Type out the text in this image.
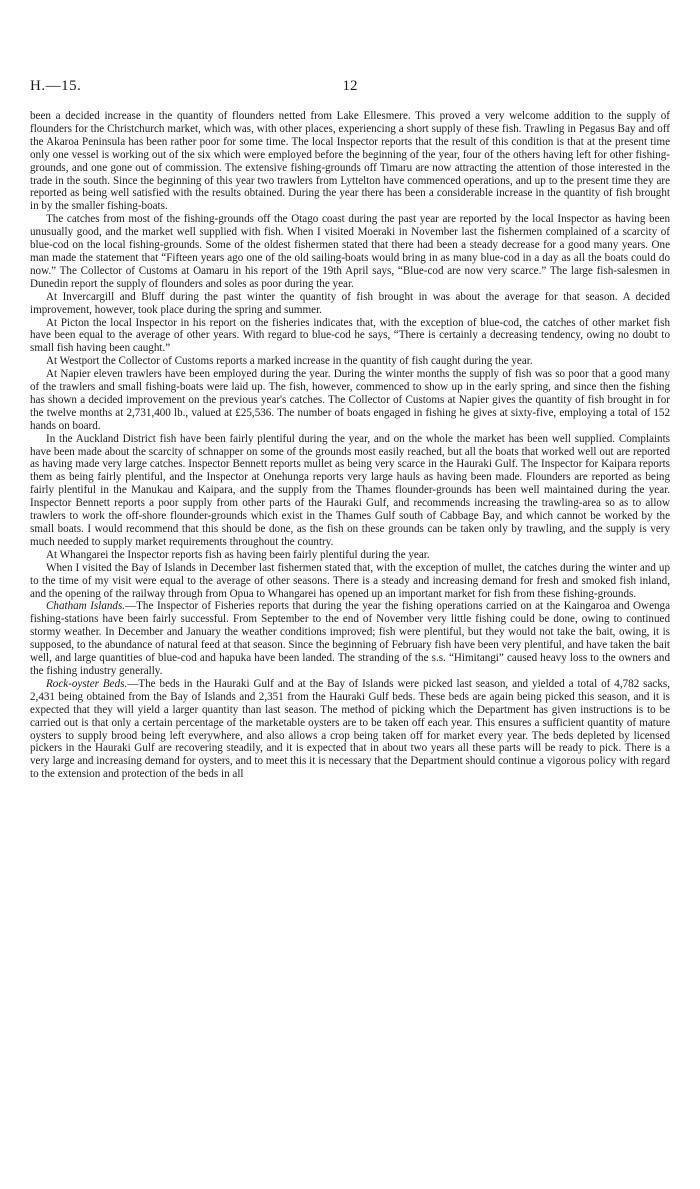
H.—15.	12

been a decided increase in the quantity of flounders netted from Lake Ellesmere. This proved a very welcome addition to the supply of flounders for the Christchurch market, which was, with other places, experiencing a short supply of these fish. Trawling in Pegasus Bay and off the Akaroa Peninsula has been rather poor for some time. The local Inspector reports that the result of this condition is that at the present time only one vessel is working out of the six which were employed before the beginning of the year, four of the others having left for other fishing-grounds, and one gone out of commission. The extensive fishing-grounds off Timaru are now attracting the attention of those interested in the trade in the south. Since the beginning of this year two trawlers from Lyttelton have commenced operations, and up to the present time they are reported as being well satisfied with the results obtained. During the year there has been a considerable increase in the quantity of fish brought in by the smaller fishing-boats.

The catches from most of the fishing-grounds off the Otago coast during the past year are reported by the local Inspector as having been unusually good, and the market well supplied with fish. When I visited Moeraki in November last the fishermen complained of a scarcity of blue-cod on the local fishing-grounds. Some of the oldest fishermen stated that there had been a steady decrease for a good many years. One man made the statement that “Fifteen years ago one of the old sailing-boats would bring in as many blue-cod in a day as all the boats could do now.” The Collector of Customs at Oamaru in his report of the 19th April says, “Blue-cod are now very scarce.” The large fish-salesmen in Dunedin report the supply of flounders and soles as poor during the year.

At Invercargill and Bluff during the past winter the quantity of fish brought in was about the average for that season. A decided improvement, however, took place during the spring and summer.

At Picton the local Inspector in his report on the fisheries indicates that, with the exception of blue-cod, the catches of other market fish have been equal to the average of other years. With regard to blue-cod he says, “There is certainly a decreasing tendency, owing no doubt to small fish having been caught.”

At Westport the Collector of Customs reports a marked increase in the quantity of fish caught during the year.

At Napier eleven trawlers have been employed during the year. During the winter months the supply of fish was so poor that a good many of the trawlers and small fishing-boats were laid up. The fish, however, commenced to show up in the early spring, and since then the fishing has shown a decided improvement on the previous year's catches. The Collector of Customs at Napier gives the quantity of fish brought in for the twelve months at 2,731,400 lb., valued at £25,536. The number of boats engaged in fishing he gives at sixty-five, employing a total of 152 hands on board.

In the Auckland District fish have been fairly plentiful during the year, and on the whole the market has been well supplied. Complaints have been made about the scarcity of schnapper on some of the grounds most easily reached, but all the boats that worked well out are reported as having made very large catches. Inspector Bennett reports mullet as being very scarce in the Hauraki Gulf. The Inspector for Kaipara reports them as being fairly plentiful, and the Inspector at Onehunga reports very large hauls as having been made. Flounders are reported as being fairly plentiful in the Manukau and Kaipara, and the supply from the Thames flounder-grounds has been well maintained during the year. Inspector Bennett reports a poor supply from other parts of the Hauraki Gulf, and recommends increasing the trawling-area so as to allow trawlers to work the off-shore flounder-grounds which exist in the Thames Gulf south of Cabbage Bay, and which cannot be worked by the small boats. I would recommend that this should be done, as the fish on these grounds can be taken only by trawling, and the supply is very much needed to supply market requirements throughout the country.

At Whangarei the Inspector reports fish as having been fairly plentiful during the year.

When I visited the Bay of Islands in December last fishermen stated that, with the exception of mullet, the catches during the winter and up to the time of my visit were equal to the average of other seasons. There is a steady and increasing demand for fresh and smoked fish inland, and the opening of the railway through from Opua to Whangarei has opened up an important market for fish from these fishing-grounds.

Chatham Islands.—The Inspector of Fisheries reports that during the year the fishing operations carried on at the Kaingaroa and Owenga fishing-stations have been fairly successful. From September to the end of November very little fishing could be done, owing to continued stormy weather. In December and January the weather conditions improved; fish were plentiful, but they would not take the bait, owing, it is supposed, to the abundance of natural feed at that season. Since the beginning of February fish have been very plentiful, and have taken the bait well, and large quantities of blue-cod and hapuka have been landed. The stranding of the s.s. “Himitangi” caused heavy loss to the owners and the fishing industry generally.

Rock-oyster Beds.—The beds in the Hauraki Gulf and at the Bay of Islands were picked last season, and yielded a total of 4,782 sacks, 2,431 being obtained from the Bay of Islands and 2,351 from the Hauraki Gulf beds. These beds are again being picked this season, and it is expected that they will yield a larger quantity than last season. The method of picking which the Department has given instructions is to be carried out is that only a certain percentage of the marketable oysters are to be taken off each year. This ensures a sufficient quantity of mature oysters to supply brood being left everywhere, and also allows a crop being taken off for market every year. The beds depleted by licensed pickers in the Hauraki Gulf are recovering steadily, and it is expected that in about two years all these parts will be ready to pick. There is a very large and increasing demand for oysters, and to meet this it is necessary that the Department should continue a vigorous policy with regard to the extension and protection of the beds in all
